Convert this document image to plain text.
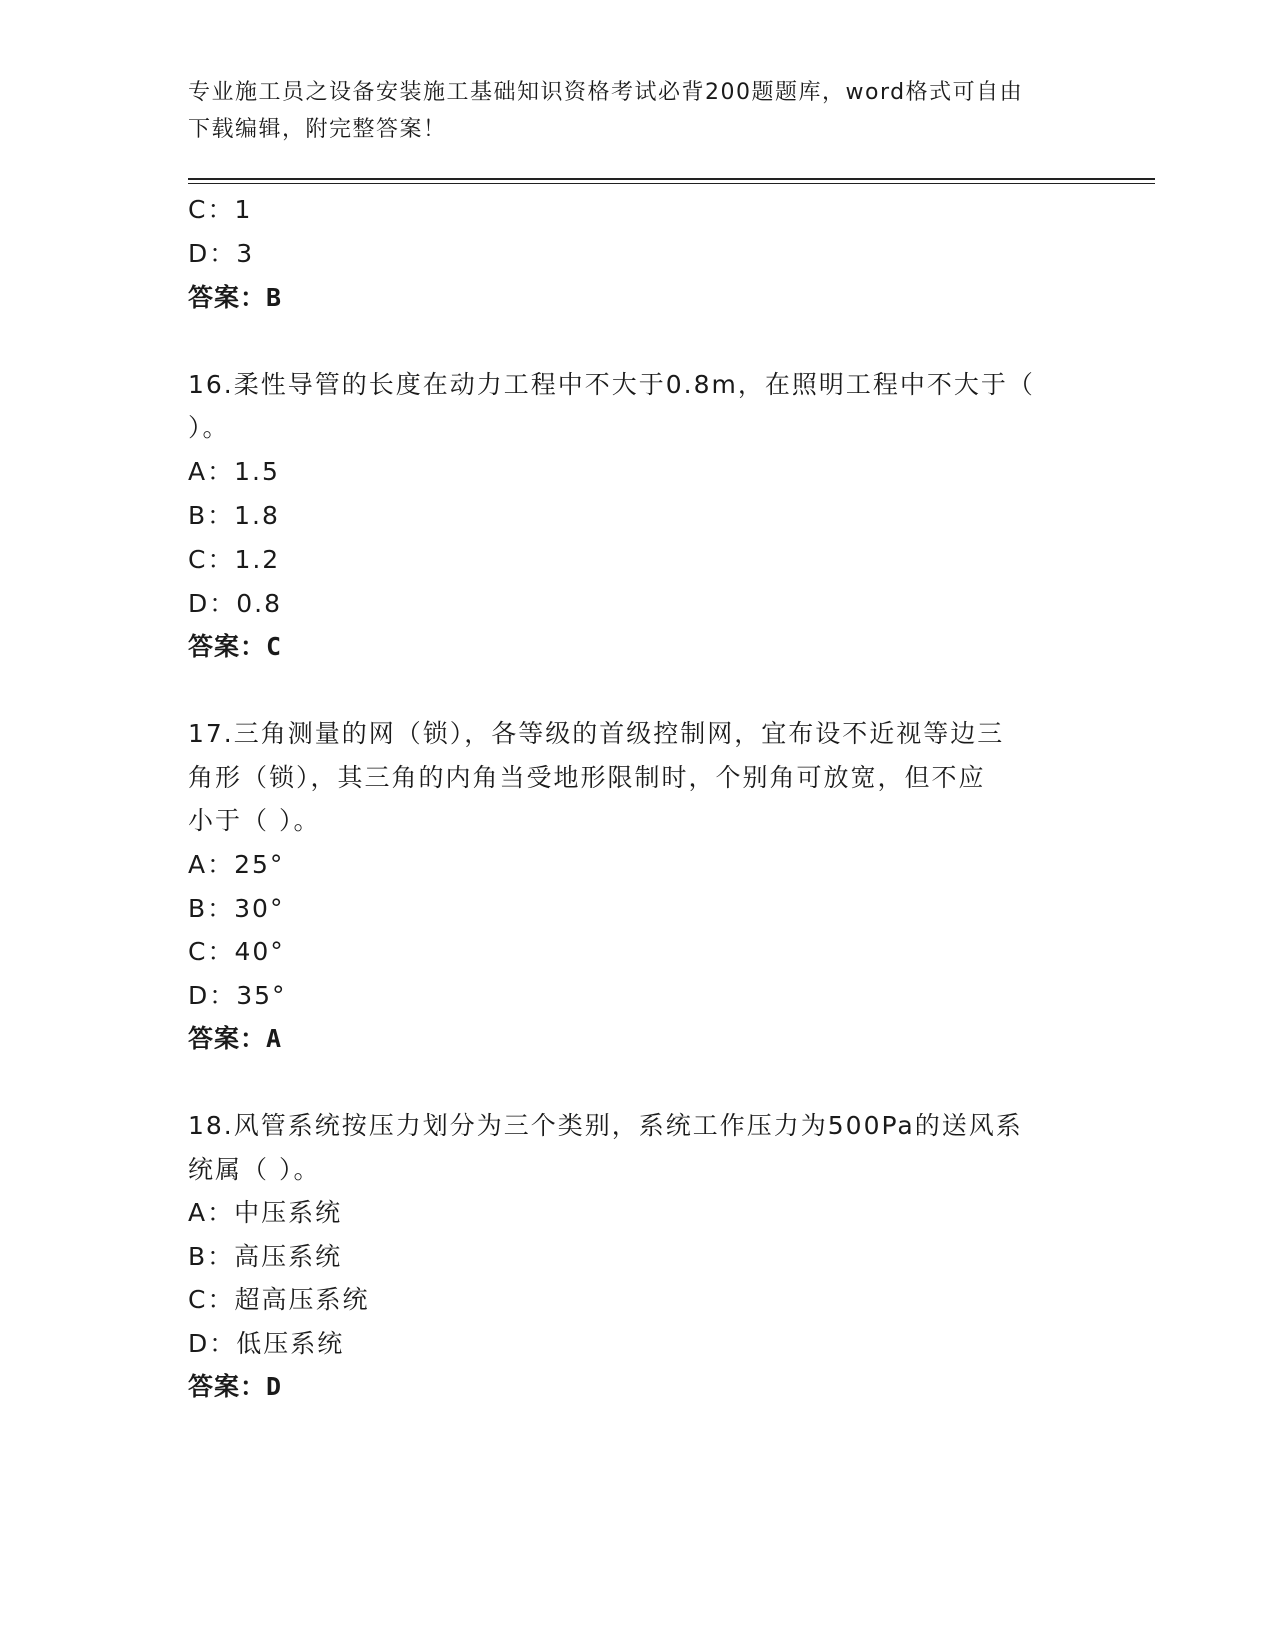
专业施工员之设备安装施工基础知识资格考试必背200题题库，word格式可自由
下载编辑，附完整答案！
C：1
D：3
答案：B
16.柔性导管的长度在动力工程中不大于0.8m，在照明工程中不大于（
）。
A：1.5
B：1.8
C：1.2
D：0.8
答案：C
17.三角测量的网（锁），各等级的首级控制网，宜布设不近视等边三
角形（锁），其三角的内角当受地形限制时，个别角可放宽，但不应
小于（ ）。
A：25°
B：30°
C：40°
D：35°
答案：A
18.风管系统按压力划分为三个类别，系统工作压力为500Pa的送风系
统属（ ）。
A：中压系统
B：高压系统
C：超高压系统
D：低压系统
答案：D
